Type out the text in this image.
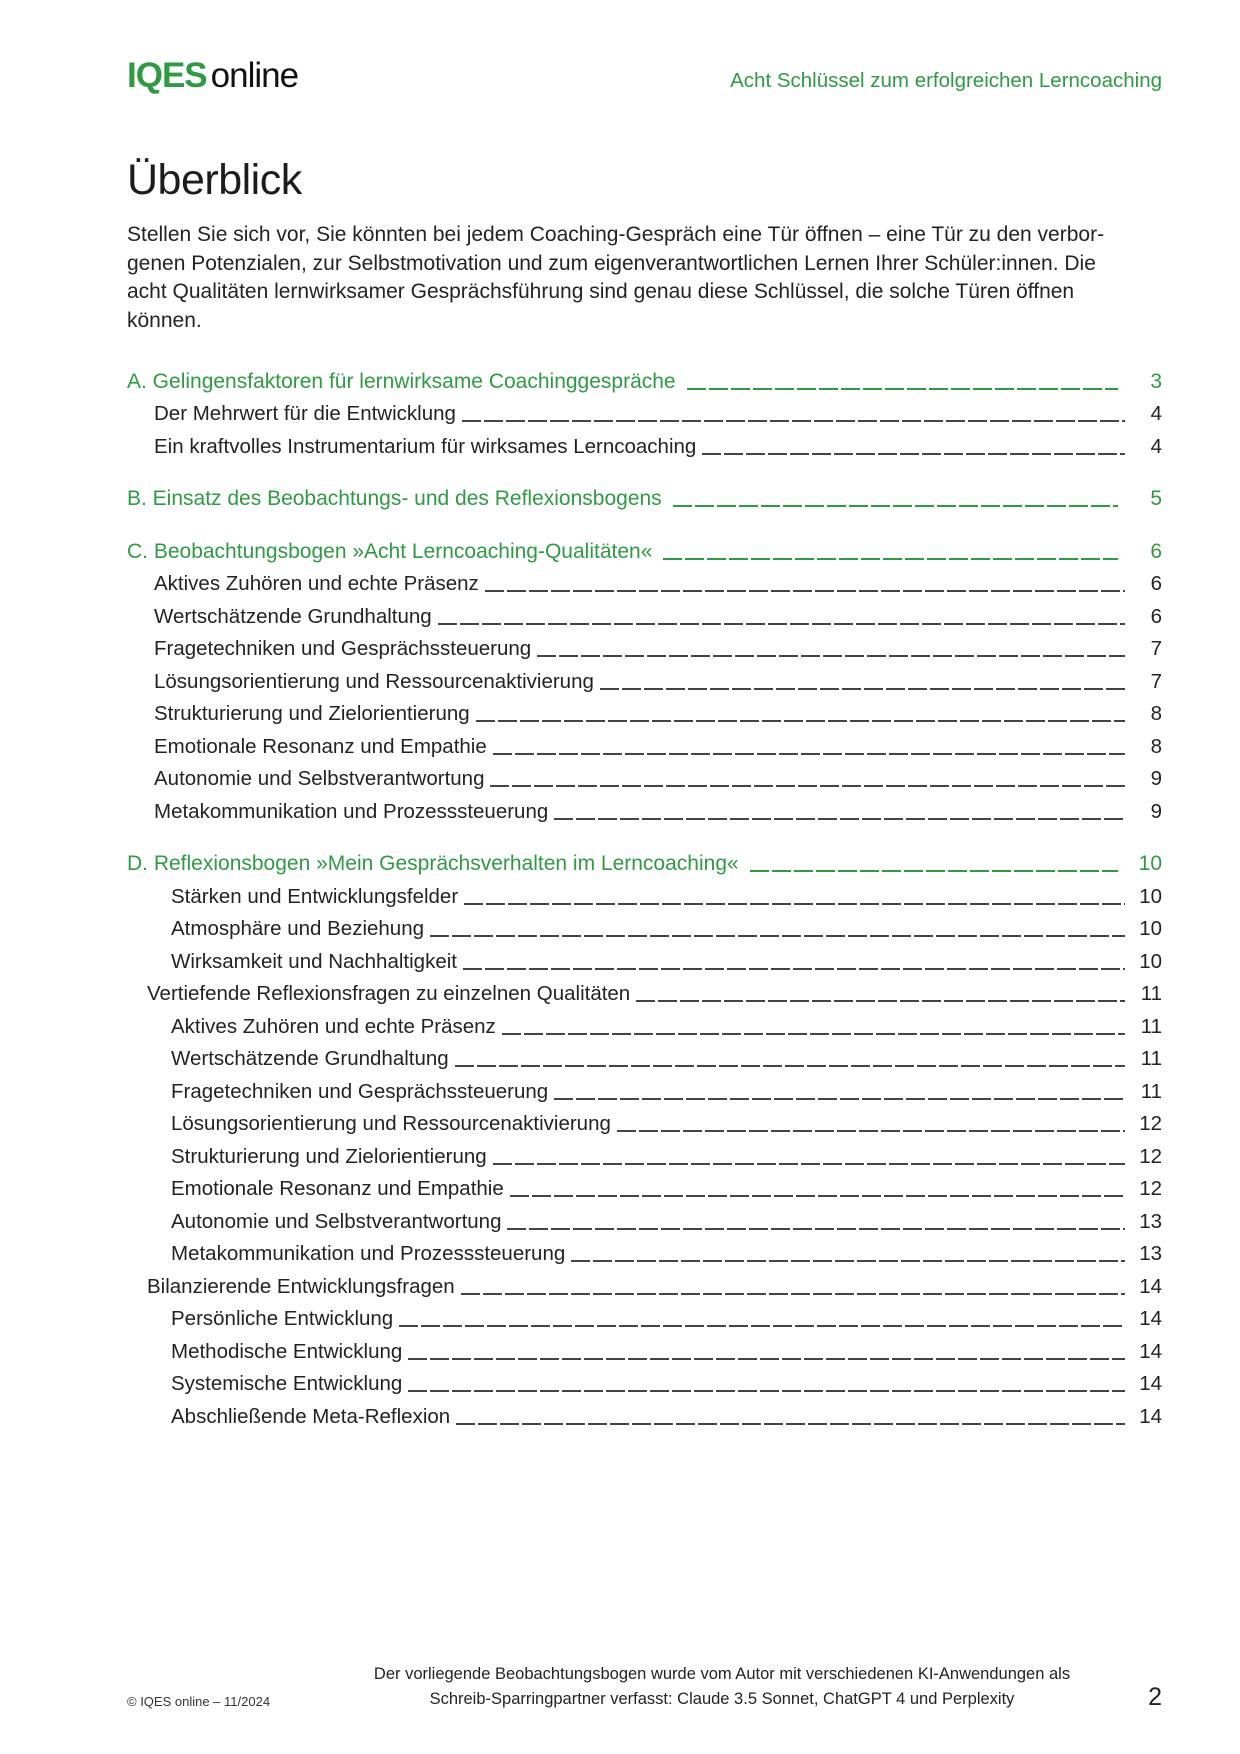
IQES online	Acht Schlüssel zum erfolgreichen Lerncoaching
Überblick
Stellen Sie sich vor, Sie könnten bei jedem Coaching-Gespräch eine Tür öffnen – eine Tür zu den verbor-
genen Potenzialen, zur Selbstmotivation und zum eigenverantwortlichen Lernen Ihrer Schüler:innen. Die
acht Qualitäten lernwirksamer Gesprächsführung sind genau diese Schlüssel, die solche Türen öffnen
können.
A. Gelingensfaktoren für lernwirksame Coachinggespräche	3
Der Mehrwert für die Entwicklung	4
Ein kraftvolles Instrumentarium für wirksames Lerncoaching	4
B. Einsatz des Beobachtungs- und des Reflexionsbogens	5
C. Beobachtungsbogen »Acht Lerncoaching-Qualitäten«	6
Aktives Zuhören und echte Präsenz	6
Wertschätzende Grundhaltung	6
Fragetechniken und Gesprächssteuerung	7
Lösungsorientierung und Ressourcenaktivierung	7
Strukturierung und Zielorientierung	8
Emotionale Resonanz und Empathie	8
Autonomie und Selbstverantwortung	9
Metakommunikation und Prozesssteuerung	9
D. Reflexionsbogen »Mein Gesprächsverhalten im Lerncoaching«	10
Stärken und Entwicklungsfelder	10
Atmosphäre und Beziehung	10
Wirksamkeit und Nachhaltigkeit	10
Vertiefende Reflexionsfragen zu einzelnen Qualitäten	11
Aktives Zuhören und echte Präsenz	11
Wertschätzende Grundhaltung	11
Fragetechniken und Gesprächssteuerung	11
Lösungsorientierung und Ressourcenaktivierung	12
Strukturierung und Zielorientierung	12
Emotionale Resonanz und Empathie	12
Autonomie und Selbstverantwortung	13
Metakommunikation und Prozesssteuerung	13
Bilanzierende Entwicklungsfragen	14
Persönliche Entwicklung	14
Methodische Entwicklung	14
Systemische Entwicklung	14
Abschließende Meta-Reflexion	14
© IQES online – 11/2024
Der vorliegende Beobachtungsbogen wurde vom Autor mit verschiedenen KI-Anwendungen als
Schreib-Sparringpartner verfasst: Claude 3.5 Sonnet, ChatGPT 4 und Perplexity	2
